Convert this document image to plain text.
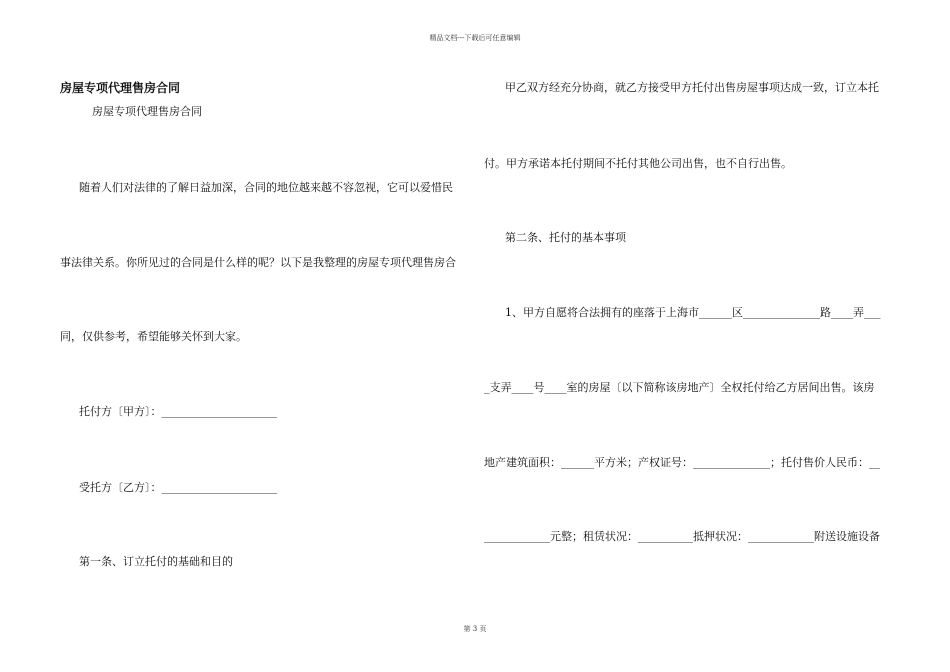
精品文档---下载后可任意编辑
房屋专项代理售房合同
房屋专项代理售房合同
随着人们对法律的了解日益加深，合同的地位越来越不容忽视，它可以爱惜民
事法律关系。你所见过的合同是什么样的呢？以下是我整理的房屋专项代理售房合
同，仅供参考，希望能够关怀到大家。
托付方〔甲方〕：_____________________
受托方〔乙方〕：_____________________
第一条、订立托付的基础和目的
甲乙双方经充分协商，就乙方接受甲方托付出售房屋事项达成一致，订立本托
付。甲方承诺本托付期间不托付其他公司出售，也不自行出售。
第二条、托付的基本事项
1、甲方自愿将合法拥有的座落于上海市______区______________路____弄___
_支弄____号____室的房屋〔以下简称该房地产〕全权托付给乙方居间出售。该房
地产建筑面积：______平方米；产权证号：______________；托付售价人民币：__
____________元整；租赁状况：__________抵押状况：____________附送设施设备
第 3 页
